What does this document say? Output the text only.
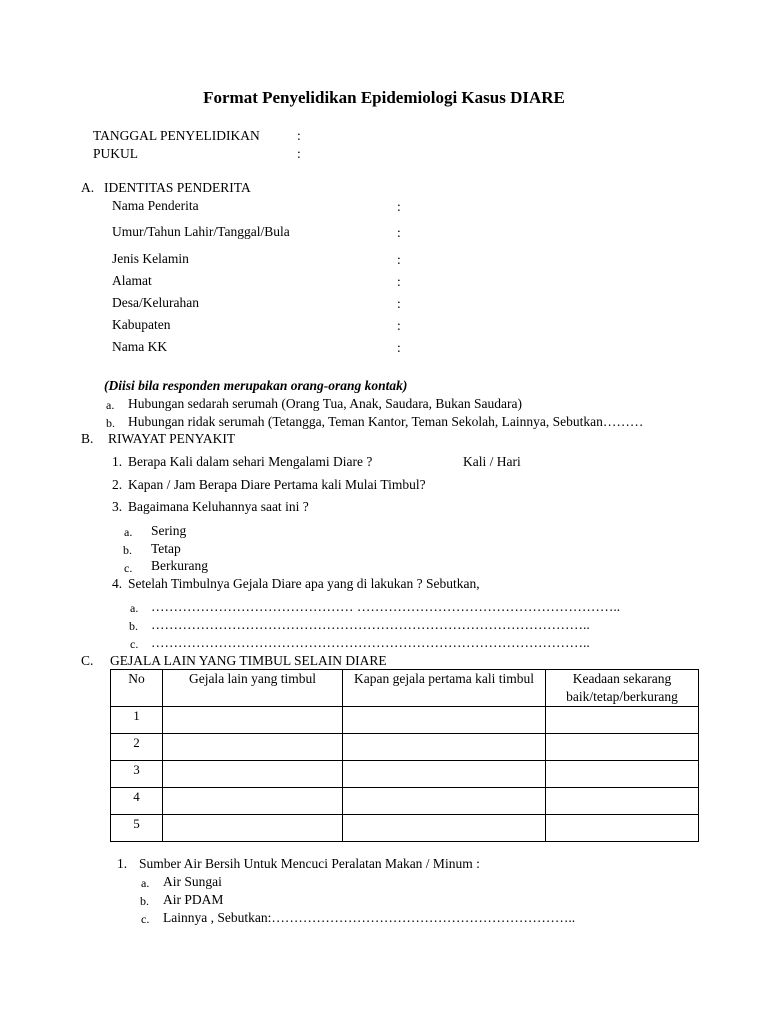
Format Penyelidikan Epidemiologi Kasus DIARE
TANGGAL PENYELIDIKAN	:
PUKUL	:
A. IDENTITAS PENDERITA
Nama Penderita	:
Umur/Tahun Lahir/Tanggal/Bula	:
Jenis Kelamin	:
Alamat	:
Desa/Kelurahan	:
Kabupaten	:
Nama KK	:
(Diisi bila responden merupakan orang-orang kontak)
a. Hubungan sedarah serumah (Orang Tua, Anak, Saudara, Bukan Saudara)
b. Hubungan ridak serumah (Tetangga, Teman Kantor, Teman Sekolah, Lainnya, Sebutkan………
B. RIWAYAT PENYAKIT
1. Berapa Kali dalam sehari Mengalami Diare ?	Kali / Hari
2. Kapan / Jam Berapa Diare Pertama kali Mulai Timbul?
3. Bagaimana Keluhannya saat ini ?
a. Sering
b. Tetap
c. Berkurang
4. Setelah Timbulnya Gejala Diare apa yang di lakukan ? Sebutkan,
a. ……………………………………… …………………………………………………..
b. ……………………………………………………………………………………..
c. ……………………………………………………………………………………..
C. GEJALA LAIN YANG TIMBUL SELAIN DIARE
No	Gejala lain yang timbul	Kapan gejala pertama kali timbul	Keadaan sekarang baik/tetap/berkurang
1			
2			
3			
4			
5			
1. Sumber Air Bersih Untuk Mencuci Peralatan Makan / Minum :
a. Air Sungai
b. Air PDAM
c. Lainnya , Sebutkan:…………………………………………………………..
